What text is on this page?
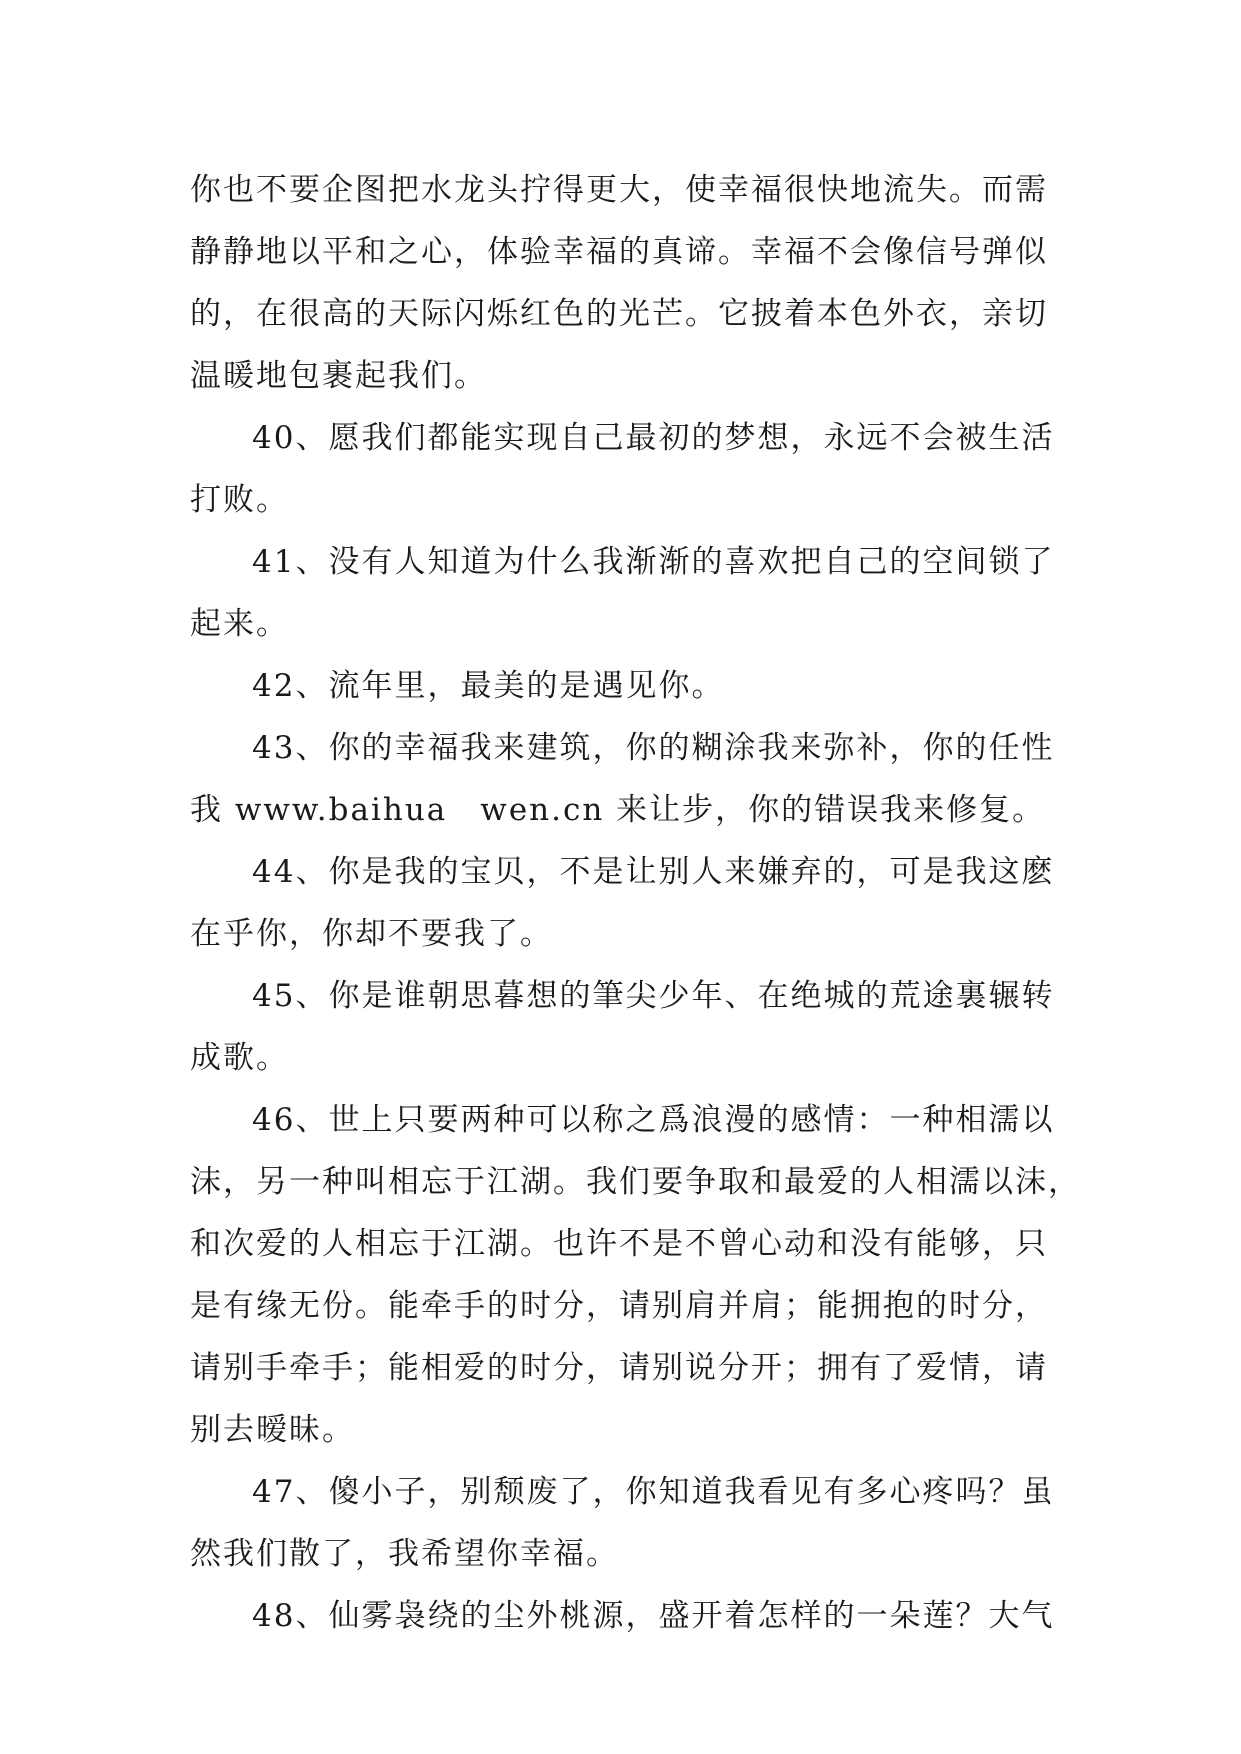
你也不要企图把水龙头拧得更大，使幸福很快地流失。而需
静静地以平和之心，体验幸福的真谛。幸福不会像信号弹似
的，在很高的天际闪烁红色的光芒。它披着本色外衣，亲切
温暖地包裹起我们。
40、愿我们都能实现自己最初的梦想，永远不会被生活
打败。
41、没有人知道为什么我渐渐的喜欢把自己的空间锁了
起来。
42、流年里，最美的是遇见你。
43、你的幸福我来建筑，你的糊涂我来弥补，你的任性
我 www.baihua　wen.cn 来让步，你的错误我来修复。
44、你是我的宝贝，不是让别人来嫌弃的，可是我这麽
在乎你，你却不要我了。
45、你是谁朝思暮想的筆尖少年、在绝城的荒途裏辗转
成歌。
46、世上只要两种可以称之爲浪漫的感情：一种相濡以
沫，另一种叫相忘于江湖。我们要争取和最爱的人相濡以沫，
和次爱的人相忘于江湖。也许不是不曾心动和没有能够，只
是有缘无份。能牵手的时分，请别肩并肩；能拥抱的时分，
请别手牵手；能相爱的时分，请别说分开；拥有了爱情，请
别去暧昧。
47、傻小子，别颓废了，你知道我看见有多心疼吗？虽
然我们散了，我希望你幸福。
48、仙雾袅绕的尘外桃源，盛开着怎样的一朵莲？大气
